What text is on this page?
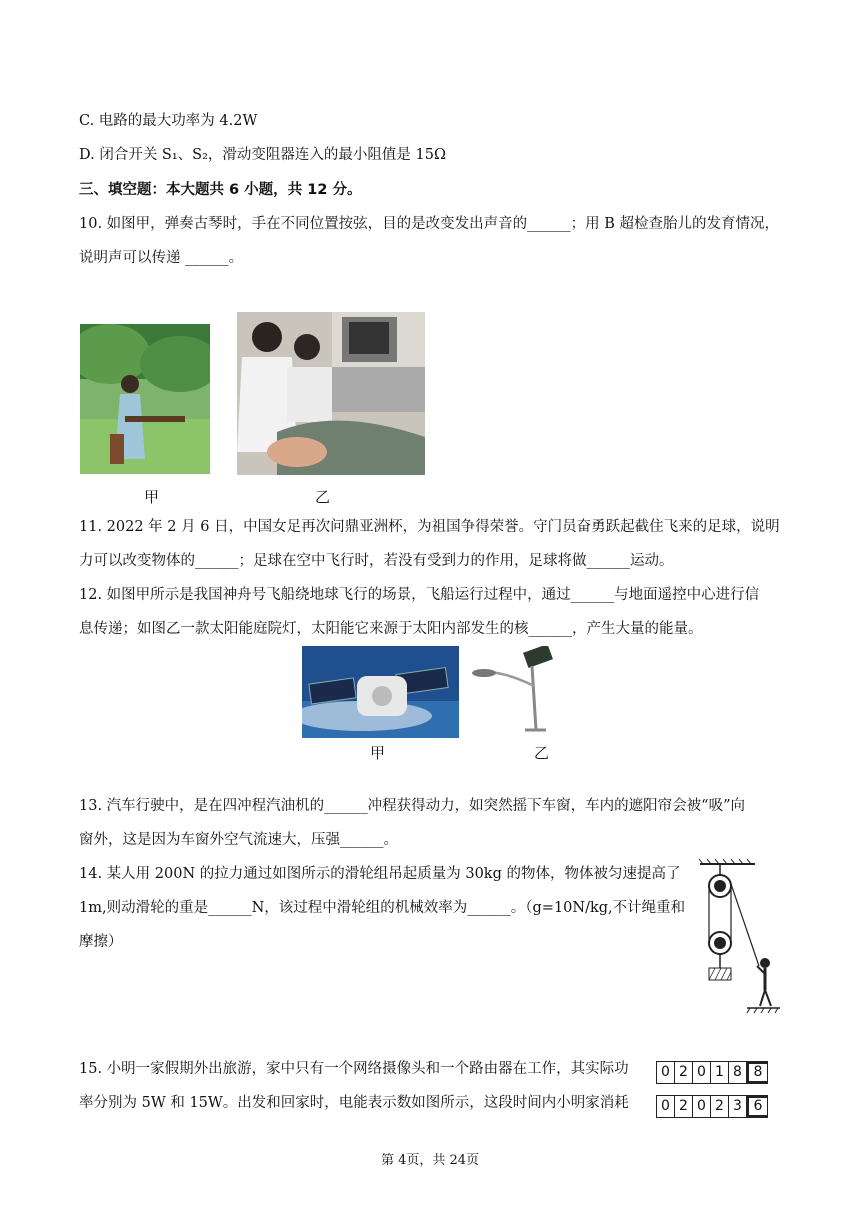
C. 电路的最大功率为 4.2W
D. 闭合开关 S₁、S₂，滑动变阻器连入的最小阻值是 15Ω
三、填空题：本大题共 6 小题，共 12 分。
10. 如图甲，弹奏古琴时，手在不同位置按弦，目的是改变发出声音的______；用 B 超检查胎儿的发育情况，
说明声可以传递 ______。
甲	乙
11. 2022 年 2 月 6 日，中国女足再次问鼎亚洲杯，为祖国争得荣誉。守门员奋勇跃起截住飞来的足球，说明
力可以改变物体的______；足球在空中飞行时，若没有受到力的作用，足球将做______运动。
12. 如图甲所示是我国神舟号飞船绕地球飞行的场景，飞船运行过程中，通过______与地面遥控中心进行信
息传递；如图乙一款太阳能庭院灯，太阳能它来源于太阳内部发生的核______，产生大量的能量。
甲	乙
13. 汽车行驶中，是在四冲程汽油机的______冲程获得动力，如突然摇下车窗，车内的遮阳帘会被“吸”向
窗外，这是因为车窗外空气流速大，压强______。
14. 某人用 200N 的拉力通过如图所示的滑轮组吊起质量为 30kg 的物体，物体被匀速提高了
1m,则动滑轮的重是______N，该过程中滑轮组的机械效率为______。（g=10N/kg,不计绳重和
摩擦）
15. 小明一家假期外出旅游，家中只有一个网络摄像头和一个路由器在工作，其实际功
率分别为 5W 和 15W。出发和回家时，电能表示数如图所示，这段时间内小明家消耗
0 2 0 1 8 8
0 2 0 2 3 6
第 4页，共 24页
